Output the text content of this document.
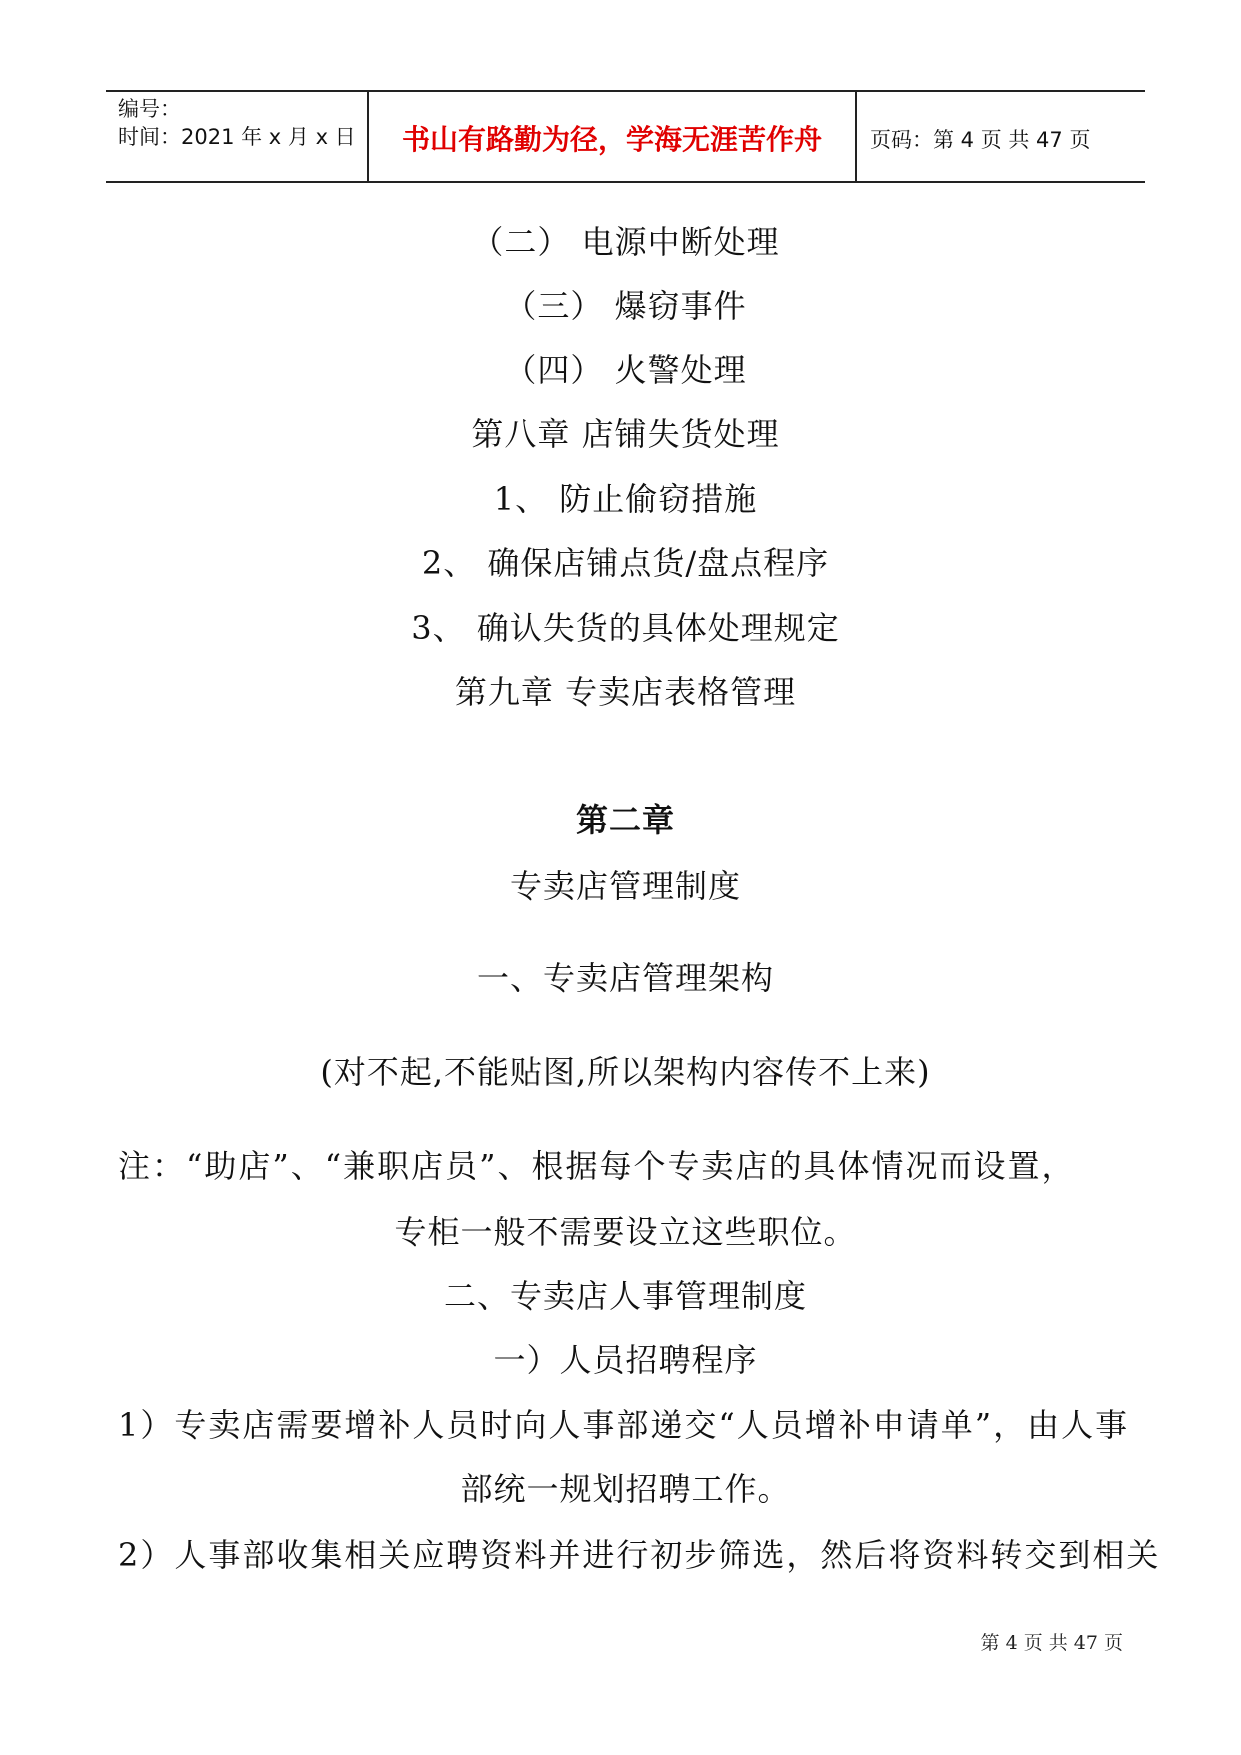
编号：
时间：2021 年 x 月 x 日	书山有路勤为径，学海无涯苦作舟	页码：第 4 页 共 47 页
（二） 电源中断处理
（三） 爆窃事件
（四） 火警处理
第八章 店铺失货处理
1、 防止偷窃措施
2、 确保店铺点货/盘点程序
3、 确认失货的具体处理规定
第九章 专卖店表格管理
第二章
专卖店管理制度
一、专卖店管理架构
(对不起,不能贴图,所以架构内容传不上来)
注：“助店”、“兼职店员”、根据每个专卖店的具体情况而设置，
专柜一般不需要设立这些职位。
二、专卖店人事管理制度
一）人员招聘程序
1）专卖店需要增补人员时向人事部递交“人员增补申请单”，由人事
部统一规划招聘工作。
2）人事部收集相关应聘资料并进行初步筛选，然后将资料转交到相关
第 4 页 共 47 页
